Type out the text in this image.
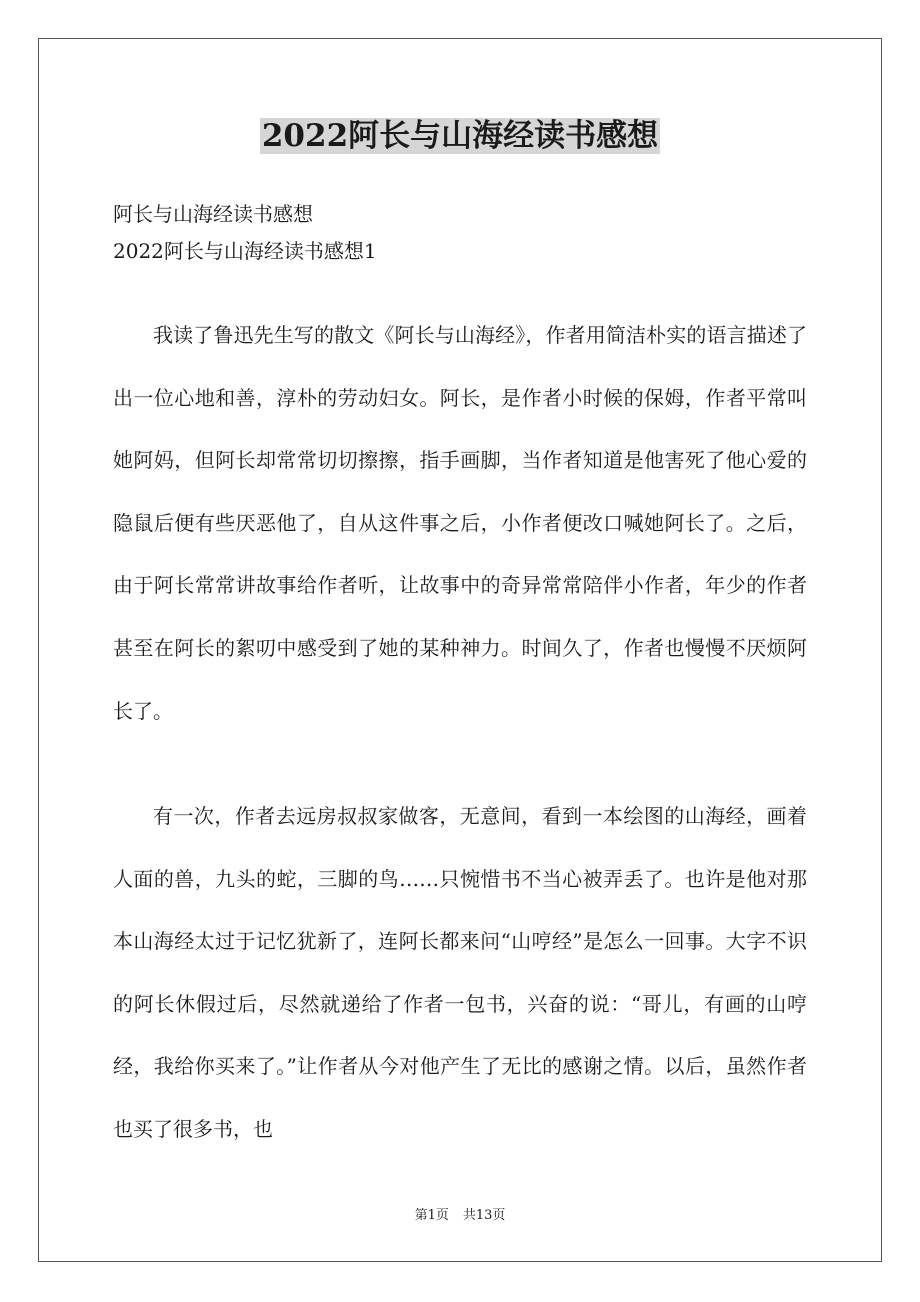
2022阿长与山海经读书感想

阿长与山海经读书感想

2022阿长与山海经读书感想1

我读了鲁迅先生写的散文《阿长与山海经》，作者用简洁朴实的语言描述了出一位心地和善，淳朴的劳动妇女。阿长，是作者小时候的保姆，作者平常叫她阿妈，但阿长却常常切切擦擦，指手画脚，当作者知道是他害死了他心爱的隐鼠后便有些厌恶他了，自从这件事之后，小作者便改口喊她阿长了。之后，由于阿长常常讲故事给作者听，让故事中的奇异常常陪伴小作者，年少的作者甚至在阿长的絮叨中感受到了她的某种神力。时间久了，作者也慢慢不厌烦阿长了。

有一次，作者去远房叔叔家做客，无意间，看到一本绘图的山海经，画着人面的兽，九头的蛇，三脚的鸟……只惋惜书不当心被弄丢了。也许是他对那本山海经太过于记忆犹新了，连阿长都来问“山哼经”是怎么一回事。大字不识的阿长休假过后，尽然就递给了作者一包书，兴奋的说：“哥儿，有画的山哼经，我给你买来了。”让作者从今对他产生了无比的感谢之情。以后，虽然作者也买了很多书，也

第1页 共13页
